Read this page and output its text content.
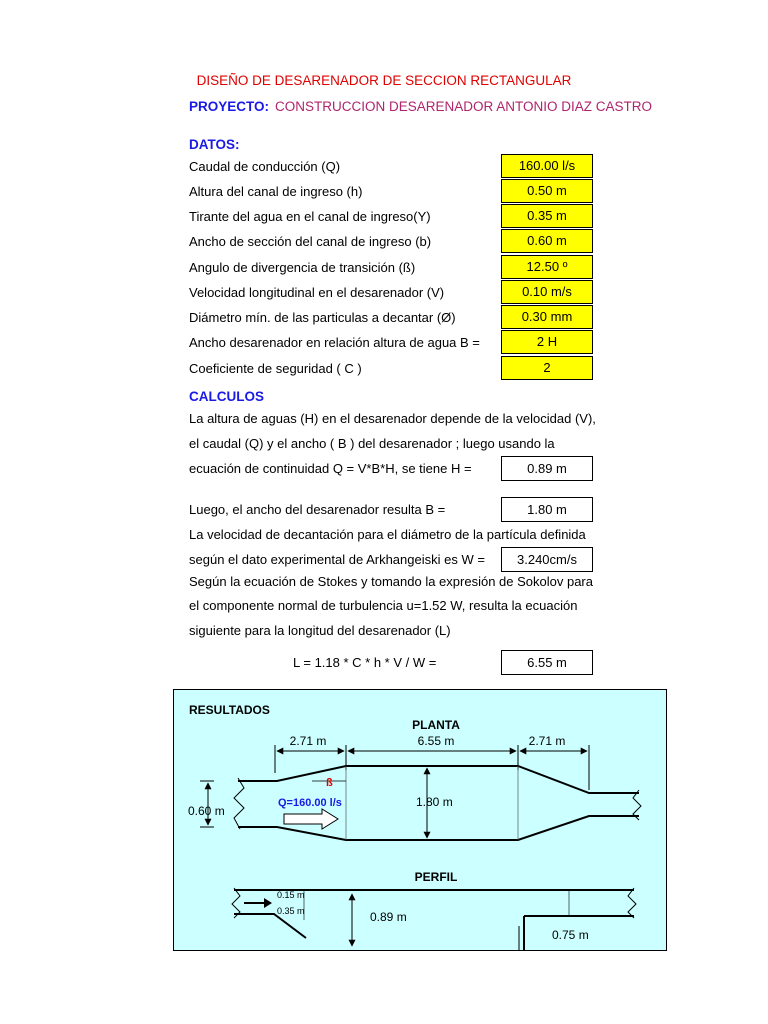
DISEÑO DE DESARENADOR DE SECCION RECTANGULAR
PROYECTO: CONSTRUCCION DESARENADOR ANTONIO DIAZ CASTRO
DATOS:
Caudal de conducción (Q)	160.00 l/s
Altura del canal de ingreso (h)	0.50 m
Tirante del agua en el canal de ingreso(Y)	0.35 m
Ancho de sección del canal de ingreso (b)	0.60 m
Angulo de divergencia de transición (ß)	12.50 º
Velocidad longitudinal en el desarenador (V)	0.10 m/s
Diámetro mín. de las particulas a decantar (Ø)	0.30 mm
Ancho desarenador en relación altura de agua B =	2 H
Coeficiente de seguridad ( C )	2
CALCULOS
La altura de aguas (H) en el desarenador depende de la velocidad (V),
el caudal (Q) y el ancho ( B ) del desarenador ; luego usando la
ecuación de continuidad Q = V*B*H, se tiene H =	0.89 m
Luego, el ancho del desarenador resulta B =	1.80 m
La velocidad de decantación para el diámetro de la partícula definida
según el dato experimental de Arkhangeiski es W =	3.240cm/s
Según la ecuación de Stokes y tomando la expresión de Sokolov para
el componente normal de turbulencia u=1.52 W, resulta la ecuación
siguiente para la longitud del desarenador (L)
L = 1.18 * C * h * V / W =	6.55 m
RESULTADOS
PLANTA
2.71 m	6.55 m	2.71 m
ß
Q=160.00 l/s
0.60 m
1.80 m
PERFIL
0.15 m
0.35 m	0.89 m
0.75 m
